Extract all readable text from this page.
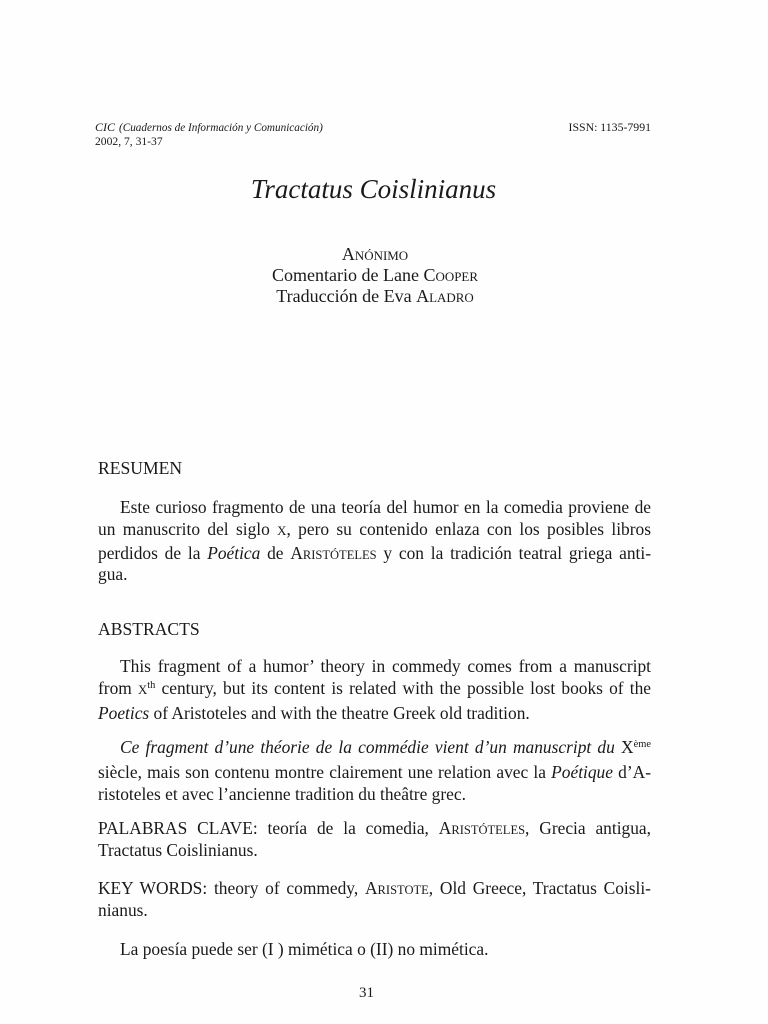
CIC (Cuadernos de Información y Comunicación)
2002, 7, 31-37
ISSN: 1135-7991
Tractatus Coislinianus
ANÓNIMO
Comentario de Lane COOPER
Traducción de Eva ALADRO
RESUMEN
Este curioso fragmento de una teoría del humor en la comedia proviene de
un manuscrito del siglo X, pero su contenido enlaza con los posibles libros
perdidos de la Poética de ARISTÓTELES y con la tradición teatral griega anti-
gua.
ABSTRACTS
This fragment of a humor’ theory in commedy comes from a manuscript
from Xth century, but its content is related with the possible lost books of the
Poetics of Aristoteles and with the theatre Greek old tradition.
Ce fragment d’une théorie de la commédie vient d’un manuscript du Xème
siècle, mais son contenu montre clairement une relation avec la Poétique d’A-
ristoteles et avec l’ancienne tradition du theâtre grec.
PALABRAS CLAVE: teoría de la comedia, ARISTÓTELES, Grecia antigua,
Tractatus Coislinianus.
KEY WORDS: theory of commedy, ARISTOTE, Old Greece, Tractatus Coisli-
nianus.
La poesía puede ser (I ) mimética o (II) no mimética.
31
